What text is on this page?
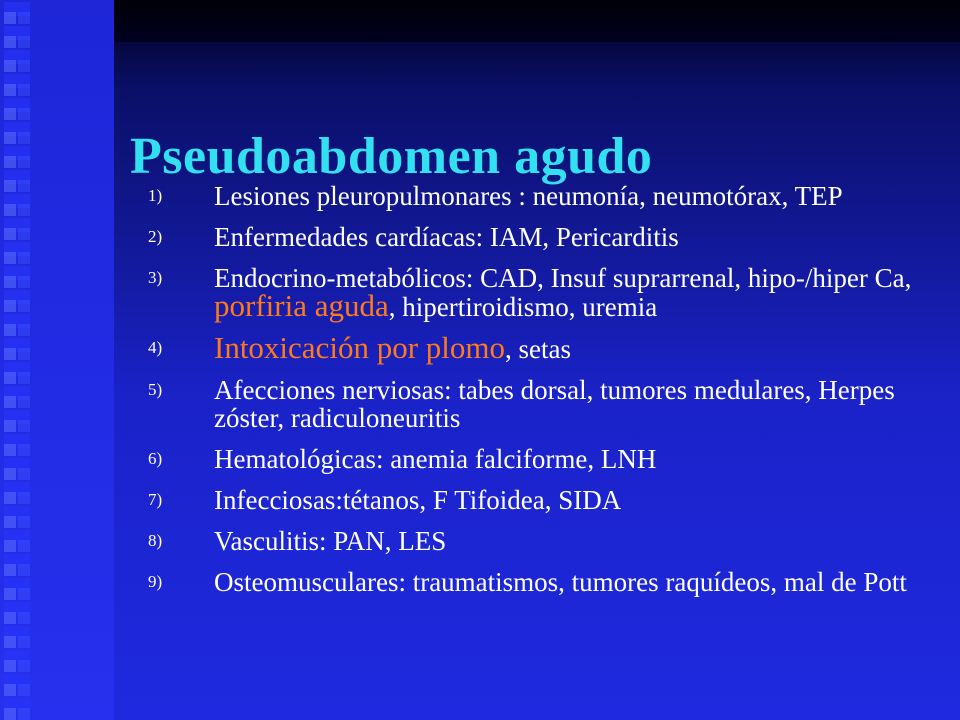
Pseudoabdomen agudo
1)	Lesiones pleuropulmonares : neumonía, neumotórax, TEP
2)	Enfermedades cardíacas: IAM, Pericarditis
3)	Endocrino-metabólicos: CAD, Insuf suprarrenal, hipo-/hiper Ca, porfiria aguda, hipertiroidismo, uremia
4)	Intoxicación por plomo, setas
5)	Afecciones nerviosas: tabes dorsal, tumores medulares, Herpes zóster, radiculoneuritis
6)	Hematológicas: anemia falciforme, LNH
7)	Infecciosas:tétanos, F Tifoidea, SIDA
8)	Vasculitis: PAN, LES
9)	Osteomusculares: traumatismos, tumores raquídeos, mal de Pott
